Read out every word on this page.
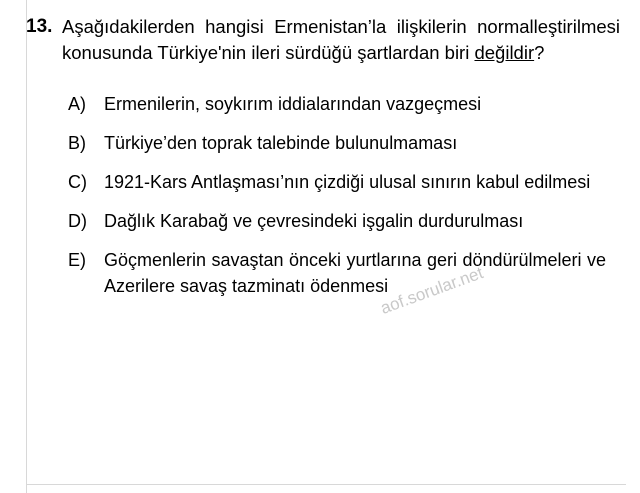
13. Aşağıdakilerden hangisi Ermenistan’la ilişkilerin normalleştirilmesi konusunda Türkiye'nin ileri sürdüğü şartlardan biri değildir?
A)	Ermenilerin, soykırım iddialarından vazgeçmesi
B)	Türkiye’den toprak talebinde bulunulmaması
C) 1921-Kars Antlaşması’nın çizdiği ulusal sınırın kabul edilmesi
D) Dağlık Karabağ ve çevresindeki işgalin durdurulması
E)	Göçmenlerin savaştan önceki yurtlarına geri döndürülmeleri ve Azerilere savaş tazminatı ödenmesi
aof.sorular.net
